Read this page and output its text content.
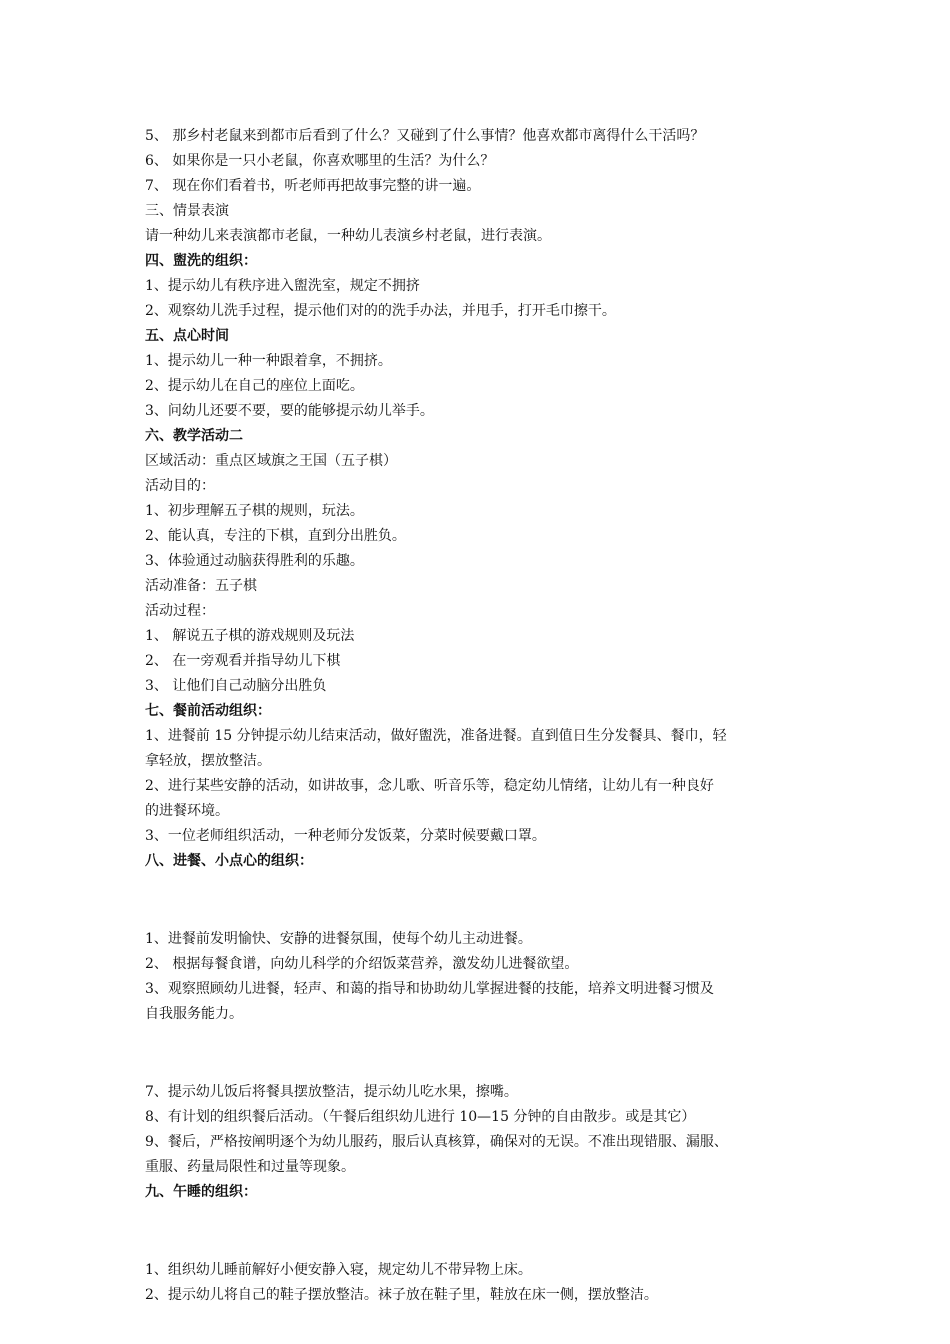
5、 那乡村老鼠来到都市后看到了什么？又碰到了什么事情？他喜欢都市离得什么干活吗？

6、 如果你是一只小老鼠，你喜欢哪里的生活？为什么？

7、 现在你们看着书，听老师再把故事完整的讲一遍。

三、情景表演

请一种幼儿来表演都市老鼠，一种幼儿表演乡村老鼠，进行表演。

四、盥洗的组织：

1、提示幼儿有秩序进入盥洗室，规定不拥挤

2、观察幼儿洗手过程，提示他们对的的洗手办法，并甩手，打开毛巾擦干。

五、点心时间

1、提示幼儿一种一种跟着拿，不拥挤。

2、提示幼儿在自己的座位上面吃。

3、问幼儿还要不要，要的能够提示幼儿举手。

六、教学活动二

区域活动：重点区域旗之王国（五子棋）

活动目的：

1、初步理解五子棋的规则，玩法。

2、能认真，专注的下棋，直到分出胜负。

3、体验通过动脑获得胜利的乐趣。

活动准备：五子棋

活动过程：

1、 解说五子棋的游戏规则及玩法

2、 在一旁观看并指导幼儿下棋

3、 让他们自己动脑分出胜负

七、餐前活动组织：

1、进餐前 15 分钟提示幼儿结束活动，做好盥洗，准备进餐。直到值日生分发餐具、餐巾，轻

拿轻放，摆放整洁。

2、进行某些安静的活动，如讲故事，念儿歌、听音乐等，稳定幼儿情绪，让幼儿有一种良好

的进餐环境。

3、一位老师组织活动，一种老师分发饭菜，分菜时候要戴口罩。

八、进餐、小点心的组织：

1、进餐前发明愉快、安静的进餐氛围，使每个幼儿主动进餐。

2、 根据每餐食谱，向幼儿科学的介绍饭菜营养，激发幼儿进餐欲望。

3、观察照顾幼儿进餐，轻声、和蔼的指导和协助幼儿掌握进餐的技能，培养文明进餐习惯及

自我服务能力。

7、提示幼儿饭后将餐具摆放整洁，提示幼儿吃水果，擦嘴。

8、有计划的组织餐后活动。（午餐后组织幼儿进行 10—15 分钟的自由散步。或是其它）

9、餐后，严格按阐明逐个为幼儿服药，服后认真核算，确保对的无误。不准出现错服、漏服、

重服、药量局限性和过量等现象。

九、午睡的组织：

1、组织幼儿睡前解好小便安静入寝，规定幼儿不带异物上床。

2、提示幼儿将自己的鞋子摆放整洁。袜子放在鞋子里，鞋放在床一侧，摆放整洁。
